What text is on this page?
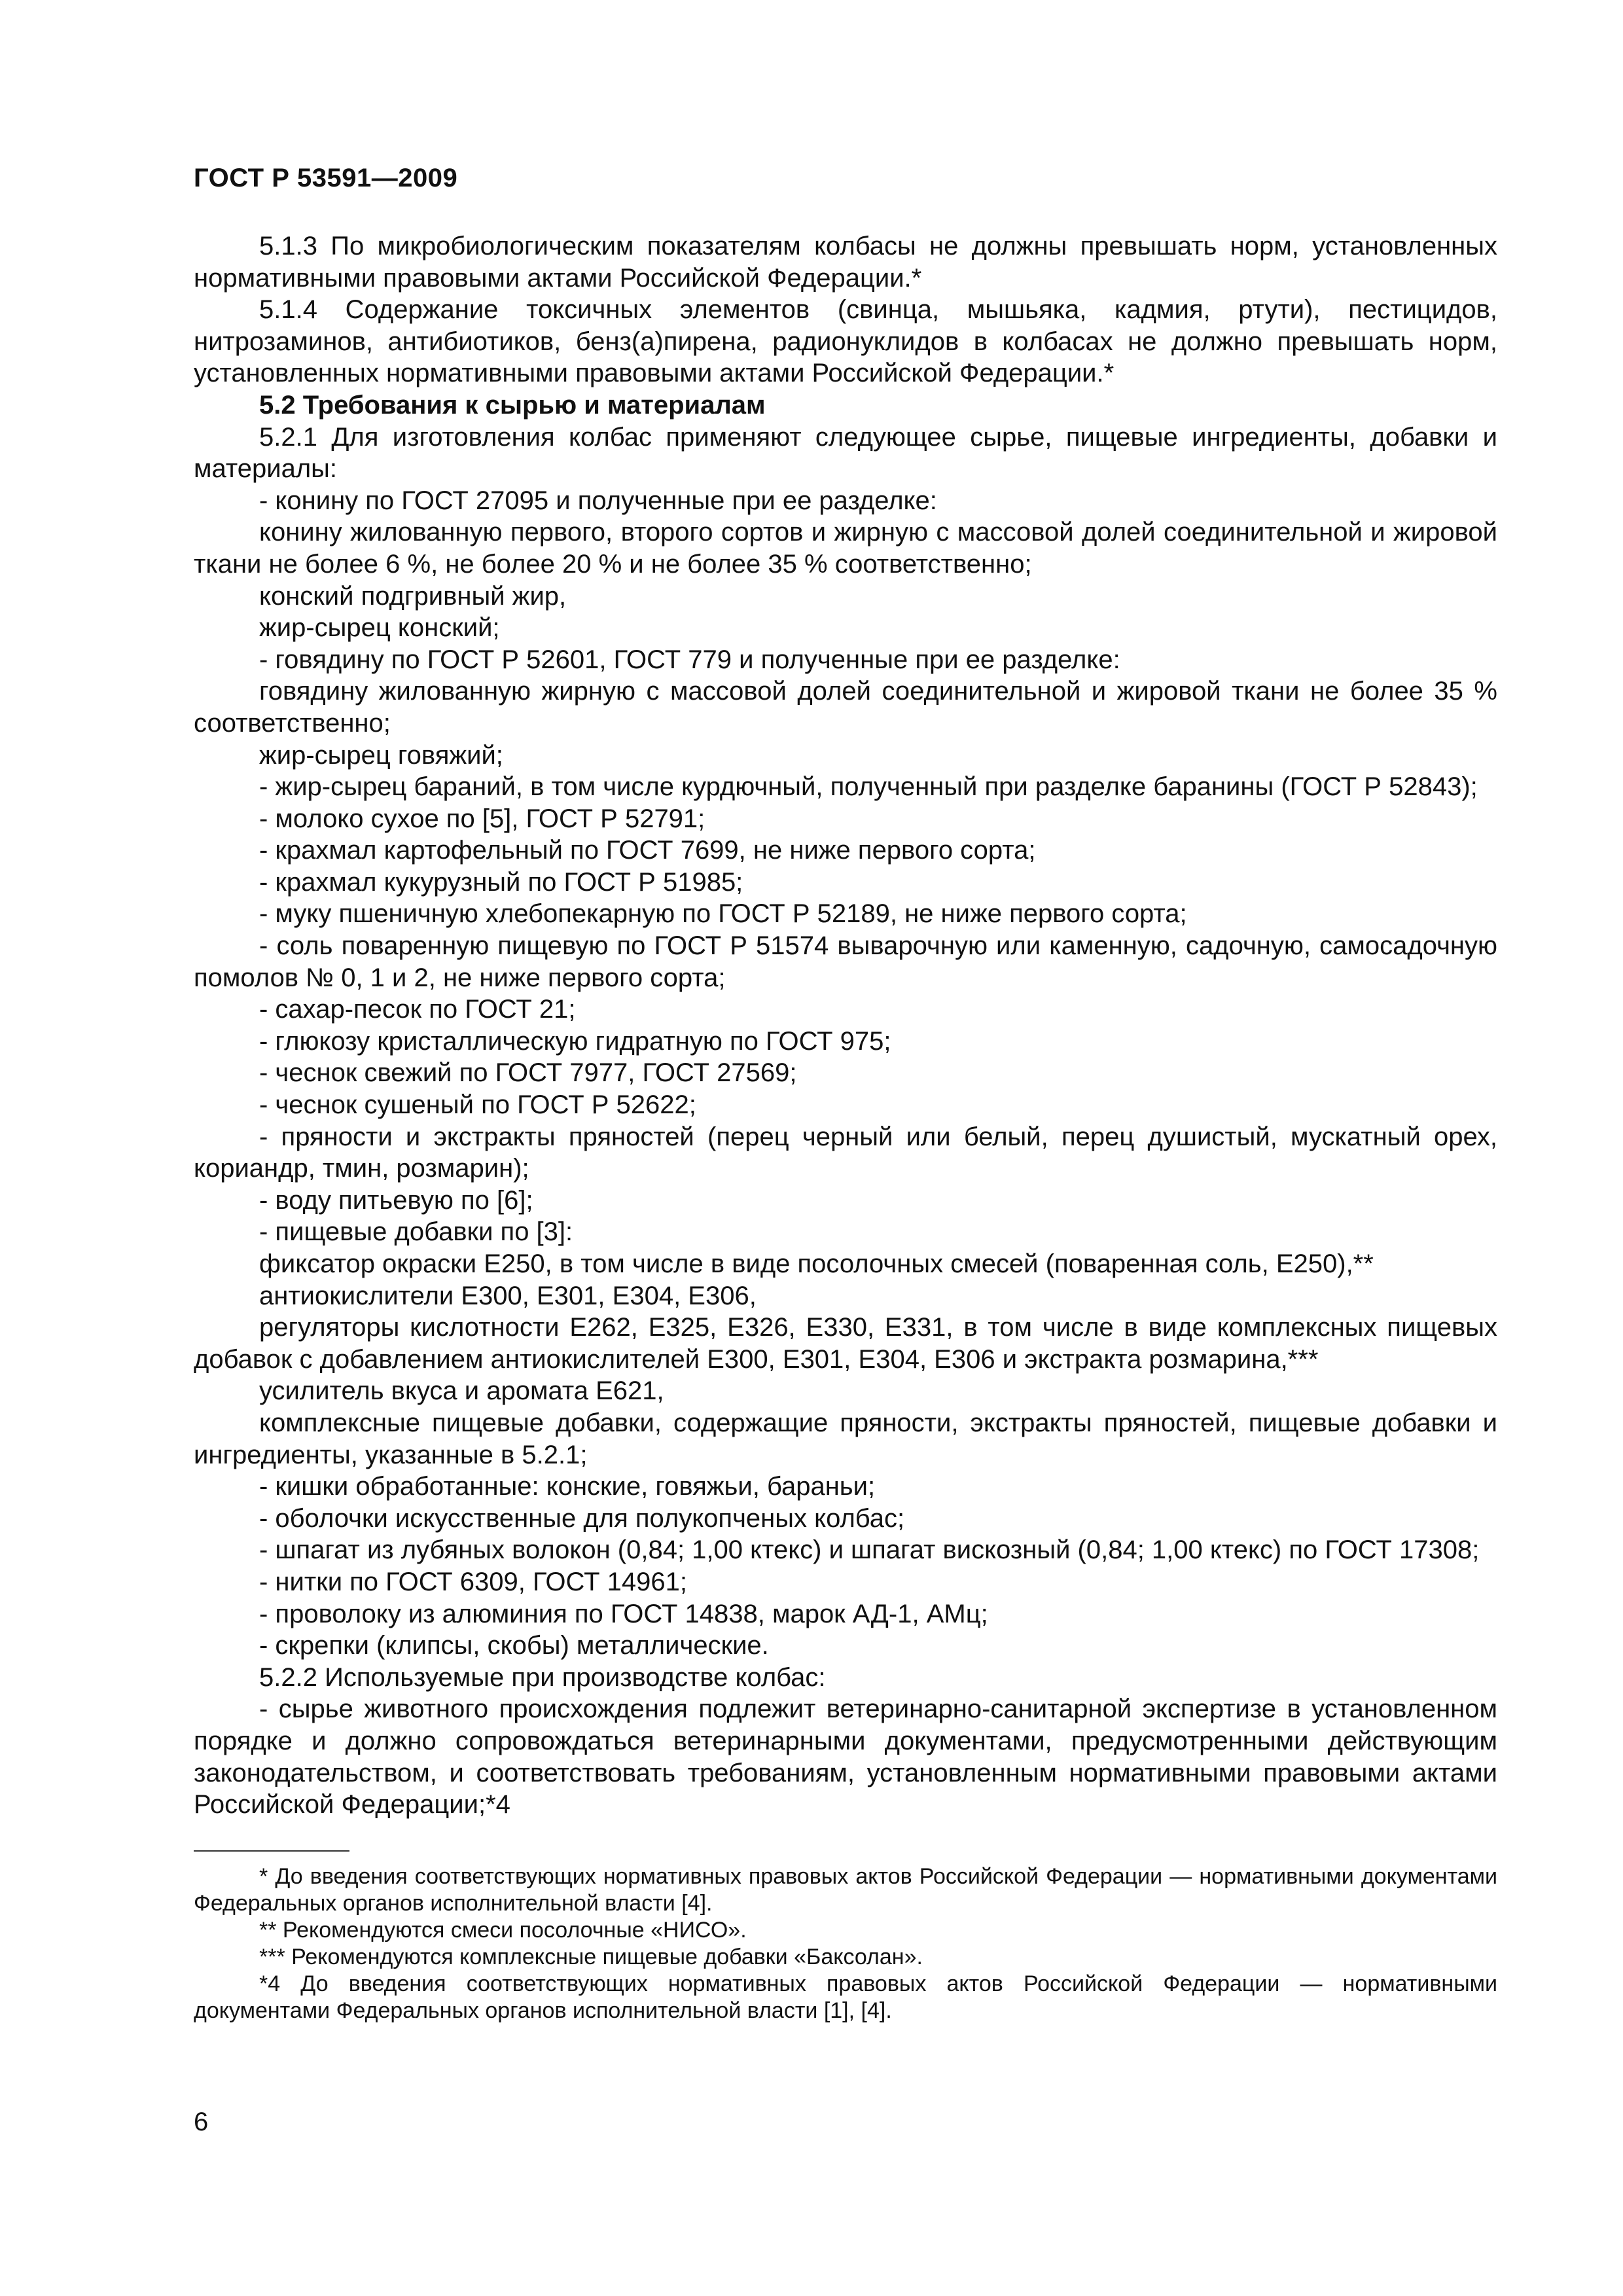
ГОСТ Р 53591—2009

5.1.3 По микробиологическим показателям колбасы не должны превышать норм, установленных нормативными правовыми актами Российской Федерации.*

5.1.4 Содержание токсичных элементов (свинца, мышьяка, кадмия, ртути), пестицидов, нитрозаминов, антибиотиков, бенз(а)пирена, радионуклидов в колбасах не должно превышать норм, установленных нормативными правовыми актами Российской Федерации.*

5.2 Требования к сырью и материалам

5.2.1 Для изготовления колбас применяют следующее сырье, пищевые ингредиенты, добавки и материалы:

- конину по ГОСТ 27095 и полученные при ее разделке:

конину жилованную первого, второго сортов и жирную с массовой долей соединительной и жировой ткани не более 6 %, не более 20 % и не более 35 % соответственно;

конский подгривный жир,

жир-сырец конский;

- говядину по ГОСТ Р 52601, ГОСТ 779 и полученные при ее разделке:

говядину жилованную жирную с массовой долей соединительной и жировой ткани не более 35 % соответственно;

жир-сырец говяжий;

- жир-сырец бараний, в том числе курдючный, полученный при разделке баранины (ГОСТ Р 52843);

- молоко сухое по [5], ГОСТ Р 52791;

- крахмал картофельный по ГОСТ 7699, не ниже первого сорта;

- крахмал кукурузный по ГОСТ Р 51985;

- муку пшеничную хлебопекарную по ГОСТ Р 52189, не ниже первого сорта;

- соль поваренную пищевую по ГОСТ Р 51574 выварочную или каменную, садочную, самосадочную помолов № 0, 1 и 2, не ниже первого сорта;

- сахар-песок по ГОСТ 21;

- глюкозу кристаллическую гидратную по ГОСТ 975;

- чеснок свежий по ГОСТ 7977, ГОСТ 27569;

- чеснок сушеный по ГОСТ Р 52622;

- пряности и экстракты пряностей (перец черный или белый, перец душистый, мускатный орех, кориандр, тмин, розмарин);

- воду питьевую по [6];

- пищевые добавки по [3]:

фиксатор окраски Е250, в том числе в виде посолочных смесей (поваренная соль, Е250),**

антиокислители Е300, Е301, Е304, Е306,

регуляторы кислотности Е262, Е325, Е326, Е330, Е331, в том числе в виде комплексных пищевых добавок с добавлением антиокислителей Е300, Е301, Е304, Е306 и экстракта розмарина,***

усилитель вкуса и аромата Е621,

комплексные пищевые добавки, содержащие пряности, экстракты пряностей, пищевые добавки и ингредиенты, указанные в 5.2.1;

- кишки обработанные: конские, говяжьи, бараньи;

- оболочки искусственные для полукопченых колбас;

- шпагат из лубяных волокон (0,84; 1,00 ктекс) и шпагат вискозный (0,84; 1,00 ктекс) по ГОСТ 17308;

- нитки по ГОСТ 6309, ГОСТ 14961;

- проволоку из алюминия по ГОСТ 14838, марок АД-1, АМц;

- скрепки (клипсы, скобы) металлические.

5.2.2 Используемые при производстве колбас:

- сырье животного происхождения подлежит ветеринарно-санитарной экспертизе в установленном порядке и должно сопровождаться ветеринарными документами, предусмотренными действующим законодательством, и соответствовать требованиям, установленным нормативными правовыми актами Российской Федерации;*4

* До введения соответствующих нормативных правовых актов Российской Федерации — нормативными документами Федеральных органов исполнительной власти [4].

** Рекомендуются смеси посолочные «НИСО».

*** Рекомендуются комплексные пищевые добавки «Баксолан».

*4 До введения соответствующих нормативных правовых актов Российской Федерации — нормативными документами Федеральных органов исполнительной власти [1], [4].

6
